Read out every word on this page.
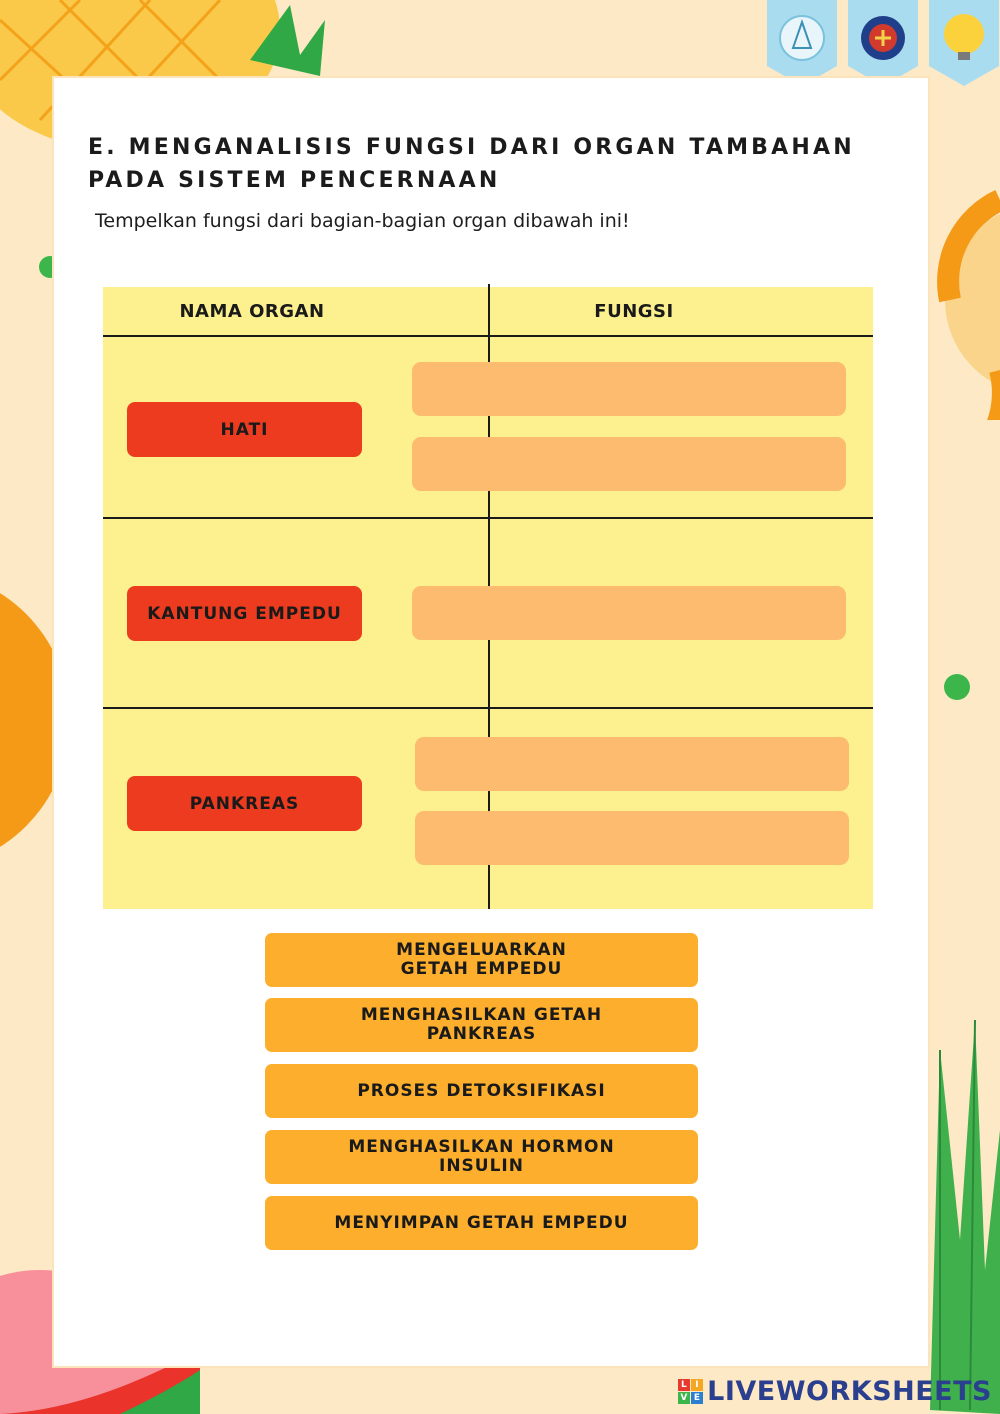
E. MENGANALISIS FUNGSI DARI ORGAN TAMBAHAN PADA SISTEM PENCERNAAN
Tempelkan fungsi dari bagian-bagian organ dibawah ini!
NAMA ORGAN	FUNGSI
HATI
KANTUNG EMPEDU
PANKREAS
MENGELUARKAN
GETAH EMPEDU
MENGHASILKAN GETAH
PANKREAS
PROSES DETOKSIFIKASI
MENGHASILKAN HORMON
INSULIN
MENYIMPAN GETAH EMPEDU
L I
V E LIVEWORKSHEETS
